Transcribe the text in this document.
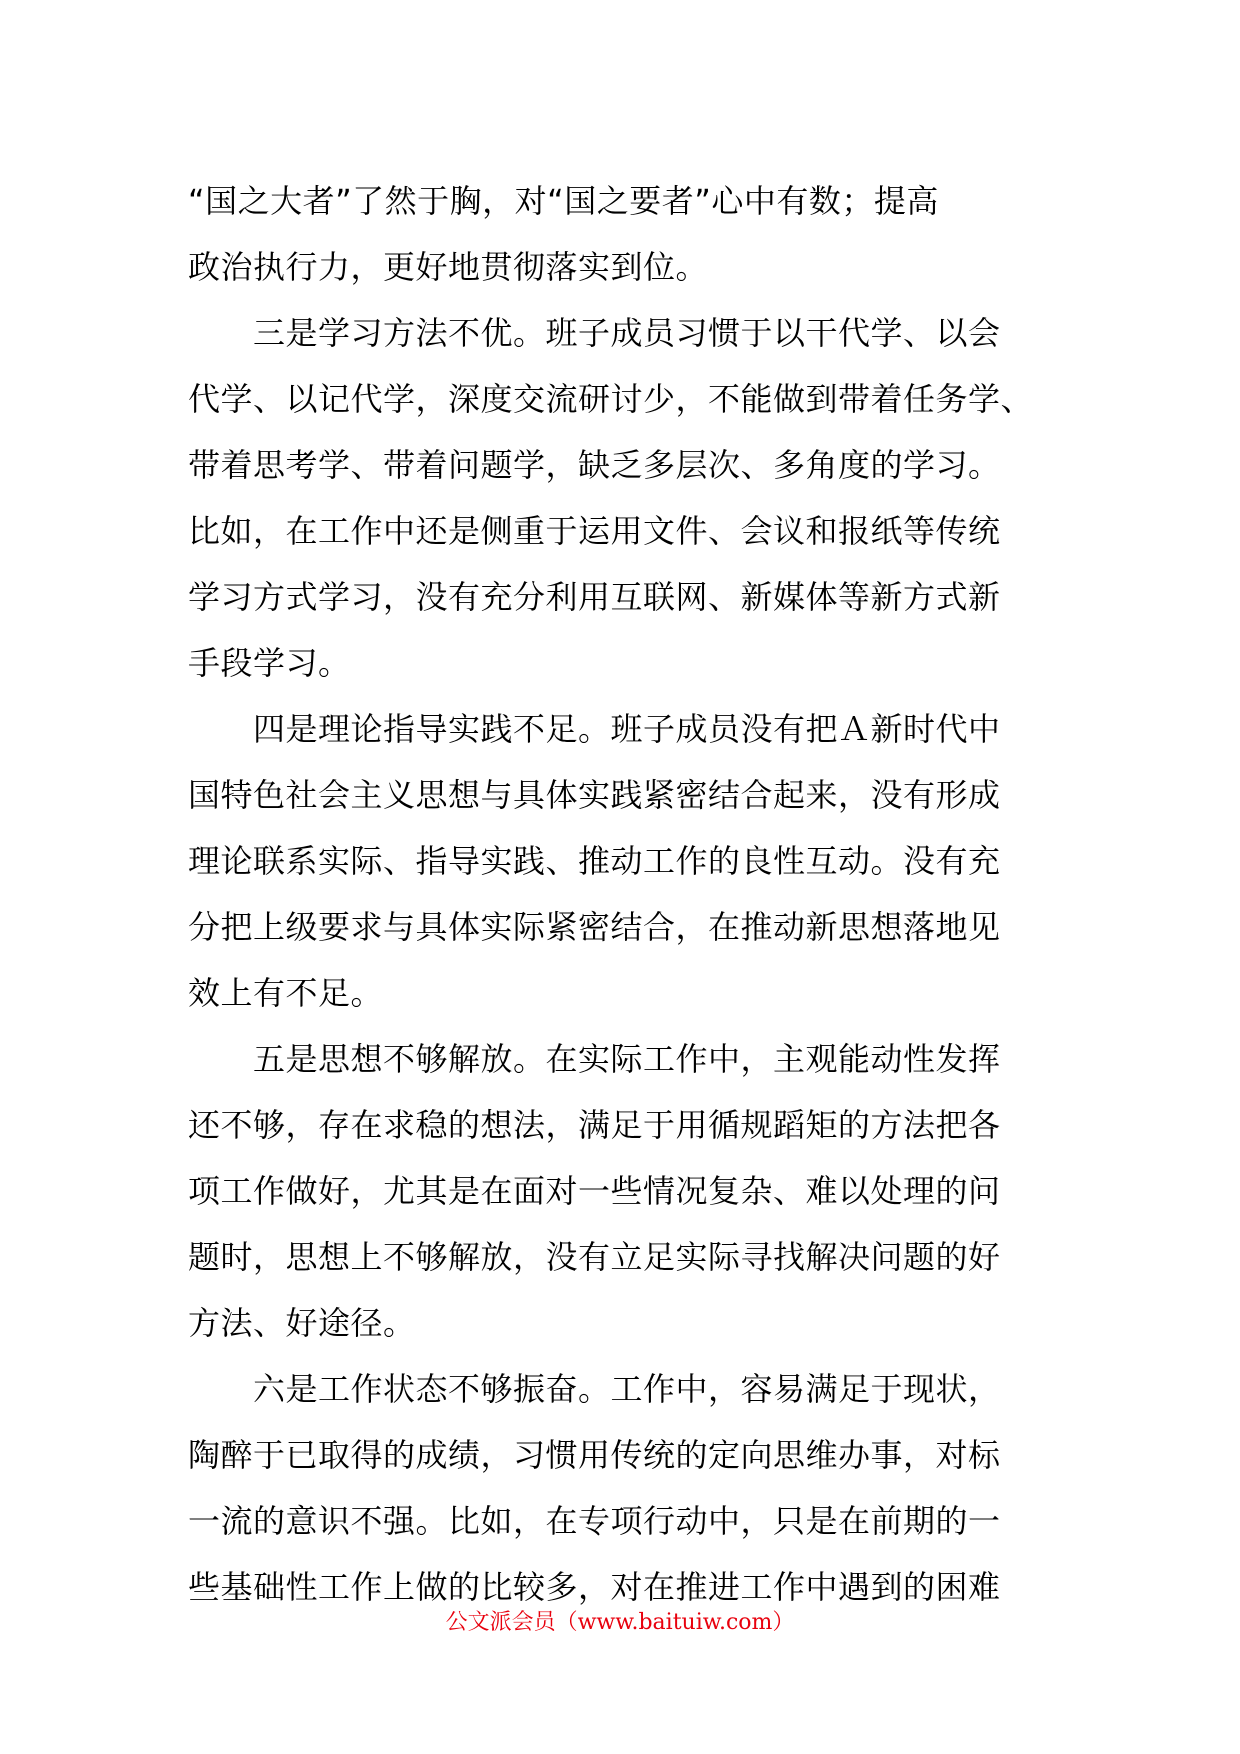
“国之大者”了然于胸，对“国之要者”心中有数；提高
政治执行力，更好地贯彻落实到位。
　　三是学习方法不优。班子成员习惯于以干代学、以会
代学、以记代学，深度交流研讨少，不能做到带着任务学、
带着思考学、带着问题学，缺乏多层次、多角度的学习。
比如，在工作中还是侧重于运用文件、会议和报纸等传统
学习方式学习，没有充分利用互联网、新媒体等新方式新
手段学习。
　　四是理论指导实践不足。班子成员没有把Ａ新时代中
国特色社会主义思想与具体实践紧密结合起来，没有形成
理论联系实际、指导实践、推动工作的良性互动。没有充
分把上级要求与具体实际紧密结合，在推动新思想落地见
效上有不足。
　　五是思想不够解放。在实际工作中，主观能动性发挥
还不够，存在求稳的想法，满足于用循规蹈矩的方法把各
项工作做好，尤其是在面对一些情况复杂、难以处理的问
题时，思想上不够解放，没有立足实际寻找解决问题的好
方法、好途径。
　　六是工作状态不够振奋。工作中，容易满足于现状，
陶醉于已取得的成绩，习惯用传统的定向思维办事，对标
一流的意识不强。比如，在专项行动中，只是在前期的一
些基础性工作上做的比较多，对在推进工作中遇到的困难
公文派会员（www.baituiw.com）
